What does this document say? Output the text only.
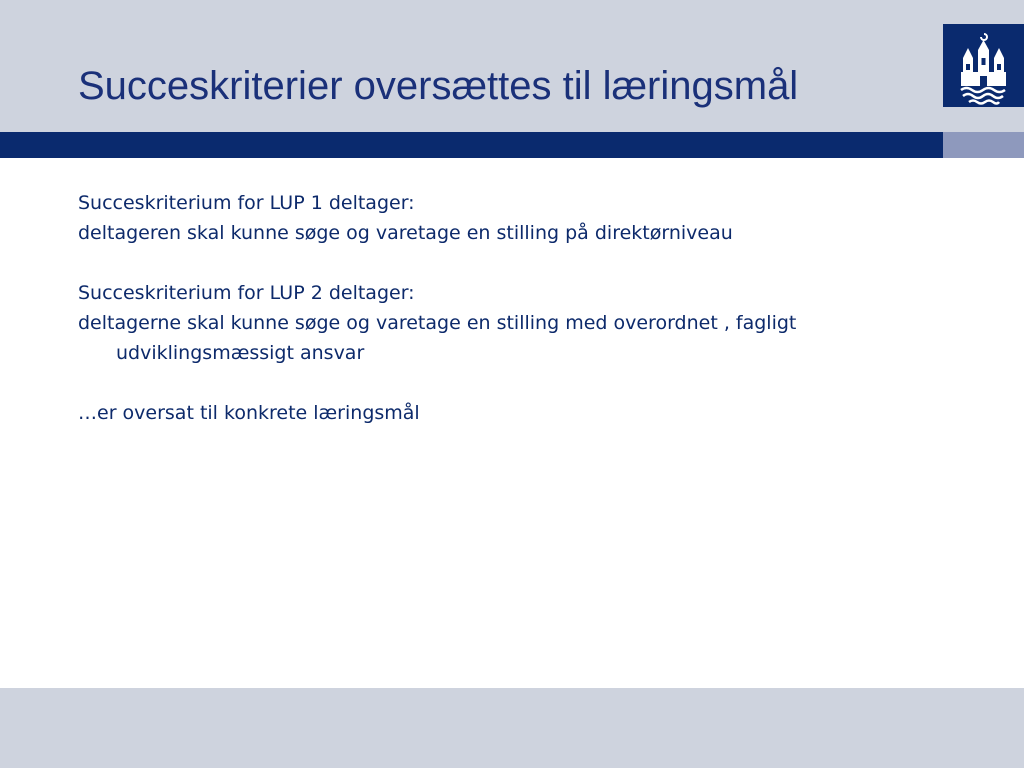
Succeskriterier oversættes til læringsmål

Succeskriterium for LUP 1 deltager:

deltageren skal kunne søge og varetage en stilling på direktørniveau

Succeskriterium for LUP 2 deltager:

deltagerne skal kunne søge og varetage en stilling med overordnet , fagligt udviklingsmæssigt ansvar

…er oversat til konkrete læringsmål
